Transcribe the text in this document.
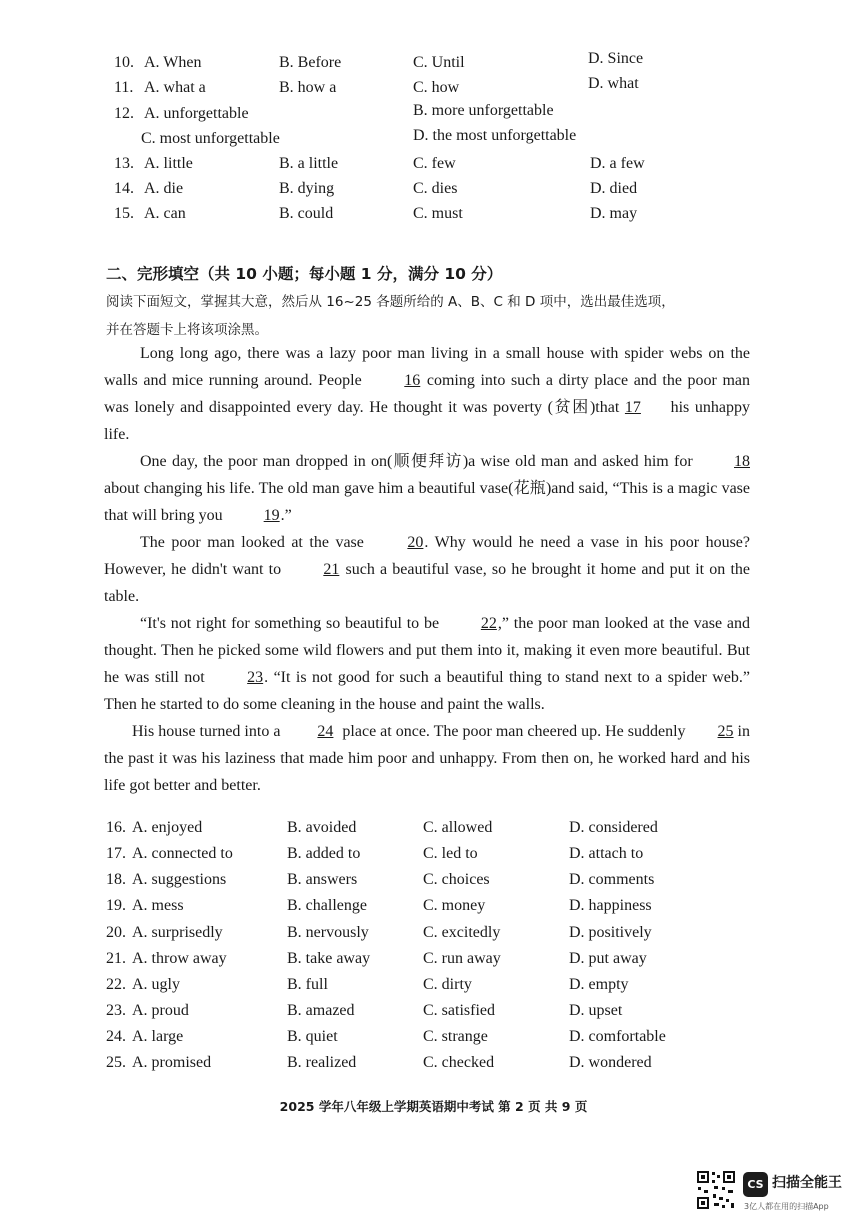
10. A. When	B. Before	C. Until	D. Since
11. A. what a	B. how a	C. how	D. what
12. A. unforgettable	B. more unforgettable
C. most unforgettable	D. the most unforgettable
13. A. little	B. a little	C. few	D. a few
14. A. die	B. dying	C. dies	D. died
15. A. can	B. could	C. must	D. may
二、完形填空（共 10 小题；每小题 1 分，满分 10 分）
阅读下面短文，掌握其大意，然后从 16~25 各题所给的 A、B、C 和 D 项中，选出最佳选项，
并在答题卡上将该项涂黑。

Long long ago, there was a lazy poor man living in a small house with spider webs on the walls and mice running around. People 16 coming into such a dirty place and the poor man was lonely and disappointed every day. He thought it was poverty (贫困)that 17 his unhappy life.

One day, the poor man dropped in on(顺便拜访)a wise old man and asked him for 18 about changing his life. The old man gave him a beautiful vase(花瓶)and said, “This is a magic vase that will bring you 19.”

The poor man looked at the vase 20. Why would he need a vase in his poor house? However, he didn't want to 21 such a beautiful vase, so he brought it home and put it on the table.

“It's not right for something so beautiful to be 22,” the poor man looked at the vase and thought. Then he picked some wild flowers and put them into it, making it even more beautiful. But he was still not 23. “It is not good for such a beautiful thing to stand next to a spider web.” Then he started to do some cleaning in the house and paint the walls.

His house turned into a 24 place at once. The poor man cheered up. He suddenly 25 in the past it was his laziness that made him poor and unhappy. From then on, he worked hard and his life got better and better.

16. A. enjoyed	B. avoided	C. allowed	D. considered
17. A. connected to	B. added to	C. led to	D. attach to
18. A. suggestions	B. answers	C. choices	D. comments
19. A. mess	B. challenge	C. money	D. happiness
20. A. surprisedly	B. nervously	C. excitedly	D. positively
21. A. throw away	B. take away	C. run away	D. put away
22. A. ugly	B. full	C. dirty	D. empty
23. A. proud	B. amazed	C. satisfied	D. upset
24. A. large	B. quiet	C. strange	D. comfortable
25. A. promised	B. realized	C. checked	D. wondered
2025 学年八年级上学期英语期中考试 第 2 页 共 9 页
CS 扫描全能王
3亿人都在用的扫描App
